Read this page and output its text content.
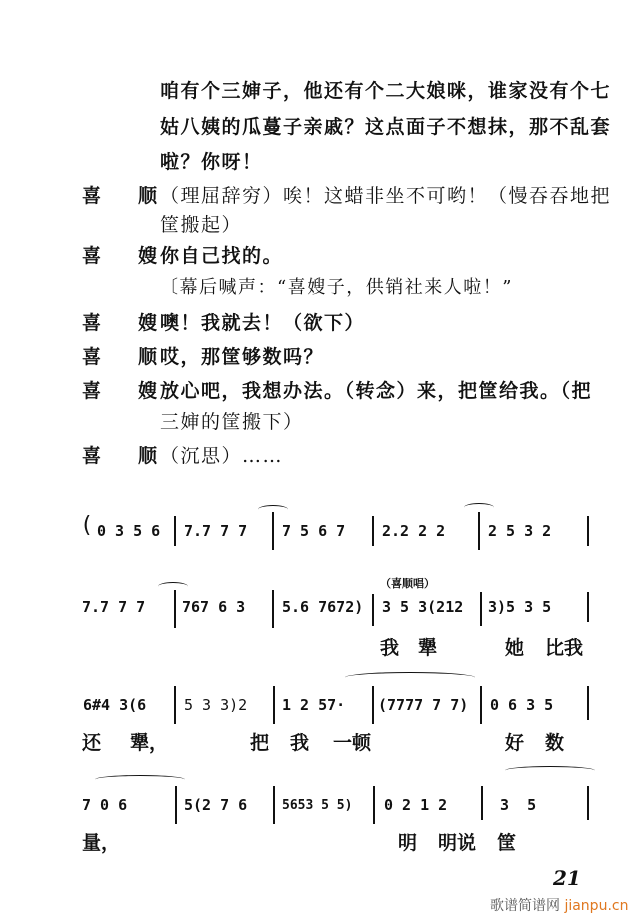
咱有个三婶子，他还有个二大娘咪，谁家没有个七
姑八姨的瓜蔓子亲戚？这点面子不想抹，那不乱套
啦？你呀！
喜 顺 （理屈辞穷）唉！这蜡非坐不可哟！（慢吞吞地把
筐搬起）
喜 嫂 你自己找的。
〔幕后喊声：“喜嫂子，供销社来人啦！”
喜 嫂 噢！我就去！（欲下）
喜 顺 哎，那筐够数吗？
喜 嫂 放心吧，我想办法。（转念）来，把筐给我。（把
三婶的筐搬下）
喜 顺 （沉思）……
( 0 3 5 6 7.7 7 7 7 5 6 7 2.2 2 2	2 5 3 2
7.7 7 7 767 6 3 5.6 7672)
（喜顺唱）
3 5 3(212 3)5 3 5
我 犟	她 比我
6#4 3(6	5 3 3)2 1 2 57· (7777 7 7) 0 6 3 5
还 犟，	把 我 一顿	好 数
7 0 6	5(2 7 6	5653 5 5) 0 2 1 2	3  5
量，	明 明说 筐
21
歌谱简谱网 jianpu.cn
